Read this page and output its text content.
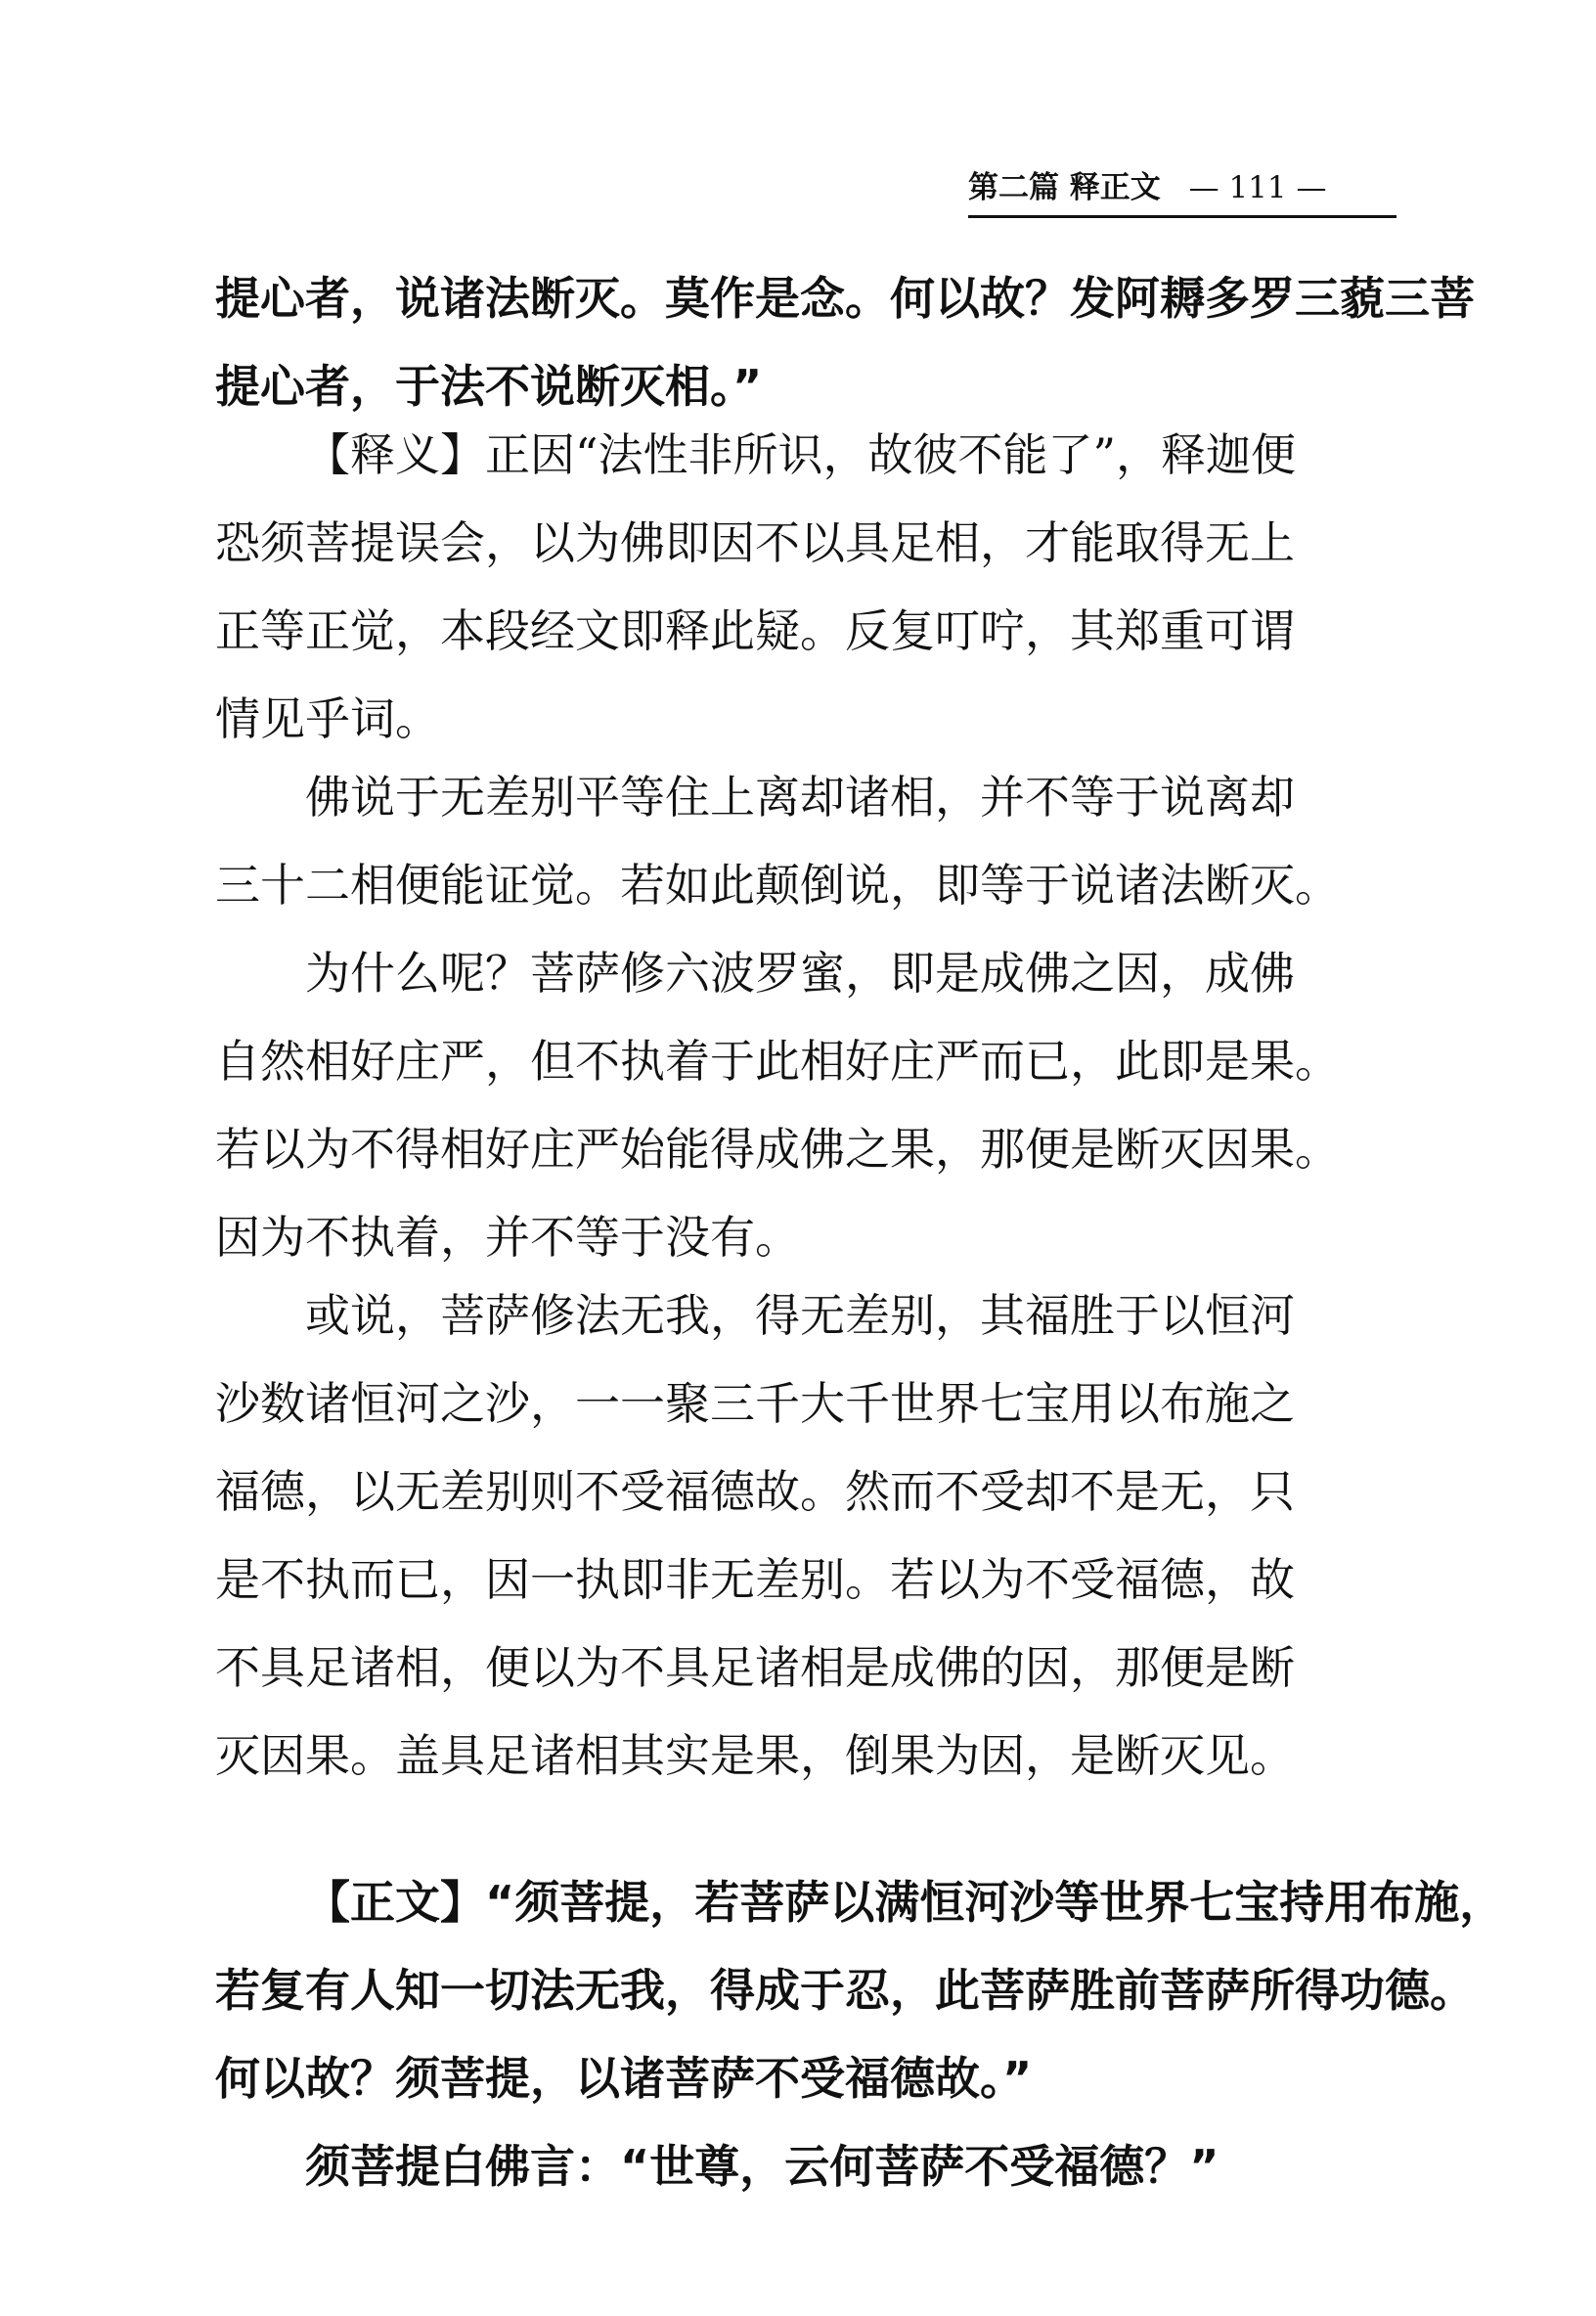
第二篇 释正文 — 111 —
提心者，说诸法断灭。莫作是念。何以故？发阿耨多罗三藐三菩
提心者，于法不说断灭相。”
【释义】正因“法性非所识，故彼不能了”，释迦便
恐须菩提误会，以为佛即因不以具足相，才能取得无上
正等正觉，本段经文即释此疑。反复叮咛，其郑重可谓
情见乎词。
佛说于无差别平等住上离却诸相，并不等于说离却
三十二相便能证觉。若如此颠倒说，即等于说诸法断灭。
为什么呢？菩萨修六波罗蜜，即是成佛之因，成佛
自然相好庄严，但不执着于此相好庄严而已，此即是果。
若以为不得相好庄严始能得成佛之果，那便是断灭因果。
因为不执着，并不等于没有。
或说，菩萨修法无我，得无差别，其福胜于以恒河
沙数诸恒河之沙，一一聚三千大千世界七宝用以布施之
福德，以无差别则不受福德故。然而不受却不是无，只
是不执而已，因一执即非无差别。若以为不受福德，故
不具足诸相，便以为不具足诸相是成佛的因，那便是断
灭因果。盖具足诸相其实是果，倒果为因，是断灭见。
【正文】“须菩提，若菩萨以满恒河沙等世界七宝持用布施，
若复有人知一切法无我，得成于忍，此菩萨胜前菩萨所得功德。
何以故？须菩提，以诸菩萨不受福德故。”
须菩提白佛言：“世尊，云何菩萨不受福德？”
